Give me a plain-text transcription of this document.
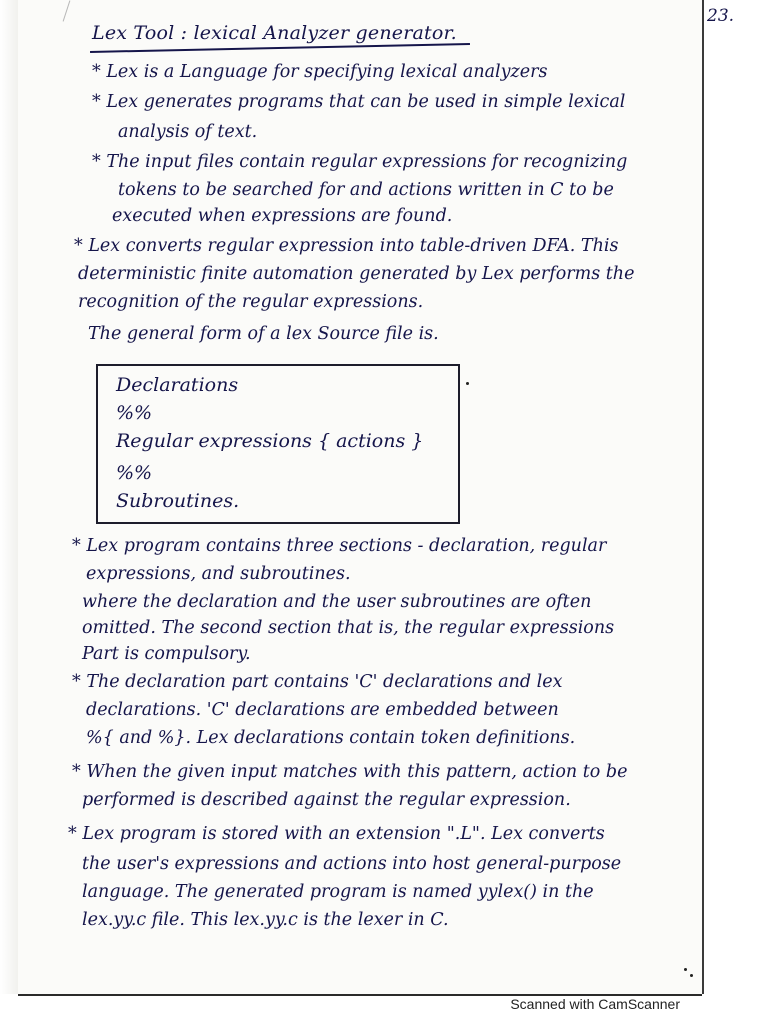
23.
Lex Tool : lexical Analyzer generator.
* Lex is a Language for specifying lexical analyzers
* Lex generates programs that can be used in simple lexical
analysis of text.
* The input files contain regular expressions for recognizing
tokens to be searched for and actions written in C to be
executed when expressions are found.
* Lex converts regular expression into table-driven DFA. This
deterministic finite automation generated by Lex performs the
recognition of the regular expressions.
The general form of a lex Source file is.
Declarations
%%
Regular expressions { actions }
%%
Subroutines.
* Lex program contains three sections - declaration, regular
expressions, and subroutines.
where the declaration and the user subroutines are often
omitted. The second section that is, the regular expressions
Part is compulsory.
* The declaration part contains 'C' declarations and lex
declarations. 'C' declarations are embedded between
%{ and %}. Lex declarations contain token definitions.
* When the given input matches with this pattern, action to be
performed is described against the regular expression.
* Lex program is stored with an extension ".L". Lex converts
the user's expressions and actions into host general-purpose
language. The generated program is named yylex() in the
lex.yy.c file. This lex.yy.c is the lexer in C.
Scanned with CamScanner
